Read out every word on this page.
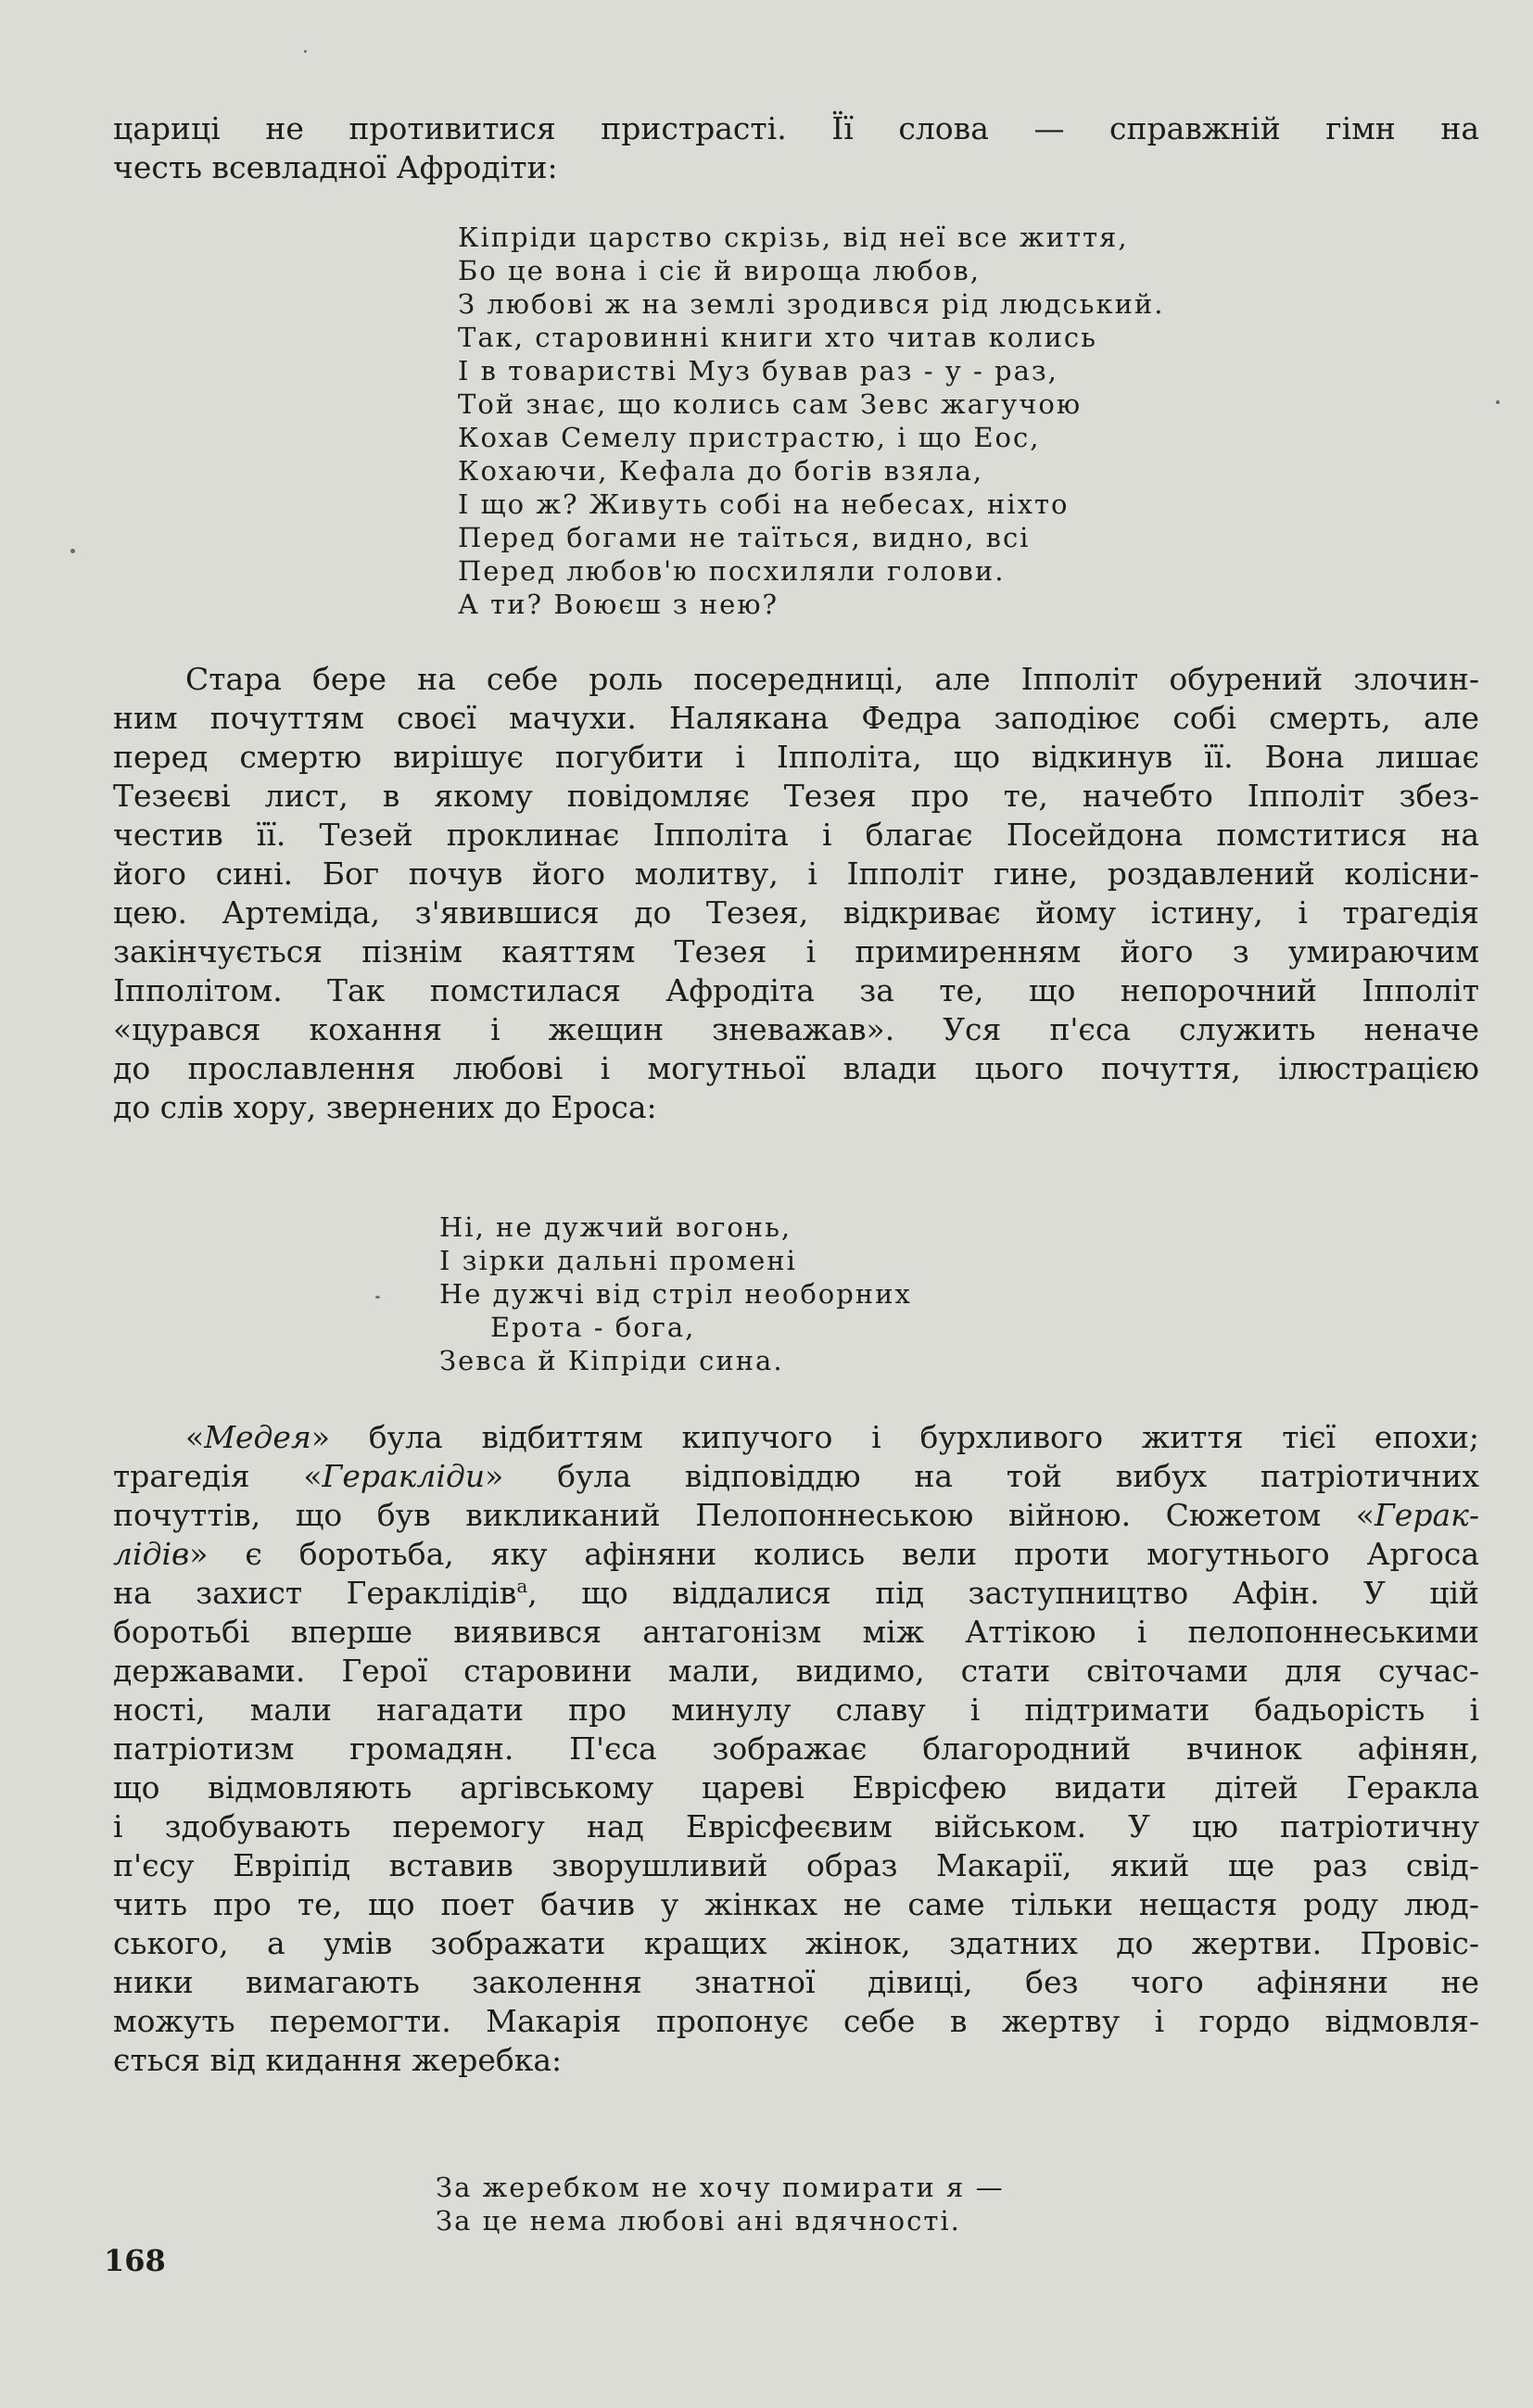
цариці не противитися пристрасті. Її слова — справжній гімн на
честь всевладної Афродіти:
Кіпріди царство скрізь, від неї все життя,
Бо це вона і сіє й вироща любов,
З любові ж на землі зродився рід людський.
Так, старовинні книги хто читав колись
І в товаристві Муз бував раз - у - раз,
Той знає, що колись сам Зевс жагучою
Кохав Семелу пристрастю, і що Еос,
Кохаючи, Кефала до богів взяла,
І що ж? Живуть собі на небесах, ніхто
Перед богами не таїться, видно, всі
Перед любов'ю посхиляли голови.
А ти? Воюєш з нею?
Стара бере на себе роль посередниці, але Іпполіт обурений злочин-
ним почуттям своєї мачухи. Налякана Федра заподіює собі смерть, але
перед смертю вирішує погубити і Іпполіта, що відкинув її. Вона лишає
Тезеєві лист, в якому повідомляє Тезея про те, начебто Іпполіт збез-
честив її. Тезей проклинає Іпполіта і благає Посейдона помститися на
його сині. Бог почув його молитву, і Іпполіт гине, роздавлений колісни-
цею. Артеміда, з'явившися до Тезея, відкриває йому істину, і трагедія
закінчується пізнім каяттям Тезея і примиренням його з умираючим
Іпполітом. Так помстилася Афродіта за те, що непорочний Іпполіт
«цурався кохання і жещин зневажав». Уся п'єса служить неначе
до прославлення любові і могутньої влади цього почуття, ілюстрацією
до слів хору, звернених до Ероса:
Ні, не дужчий вогонь,
І зірки дальні промені
Не дужчі від стріл необорних
Ерота - бога,
Зевса й Кіпріди сина.
«Медея» була відбиттям кипучого і бурхливого життя тієї епохи;
трагедія «Геракліди» була відповіддю на той вибух патріотичних
почуттів, що був викликаний Пелопоннеською війною. Сюжетом «Герак-
лідів» є боротьба, яку афіняни колись вели проти могутнього Аргоса
на захист Гераклідів$^а$, що віддалися під заступництво Афін. У цій
боротьбі вперше виявився антагонізм між Аттікою і пелопоннеськими
державами. Герої старовини мали, видимо, стати світочами для сучас-
ності, мали нагадати про минулу славу і підтримати бадьорість і
патріотизм громадян. П'єса зображає благородний вчинок афінян,
що відмовляють аргівському цареві Еврісфею видати дітей Геракла
і здобувають перемогу над Еврісфеєвим військом. У цю патріотичну
п'єсу Евріпід вставив зворушливий образ Макарії, який ще раз свід-
чить про те, що поет бачив у жінках не саме тільки нещастя роду люд-
ського, а умів зображати кращих жінок, здатних до жертви. Провіс-
ники вимагають заколення знатної дівиці, без чого афіняни не
можуть перемогти. Макарія пропонує себе в жертву і гордо відмовля-
ється від кидання жеребка:
За жеребком не хочу помирати я —
За це нема любові ані вдячності.
168
